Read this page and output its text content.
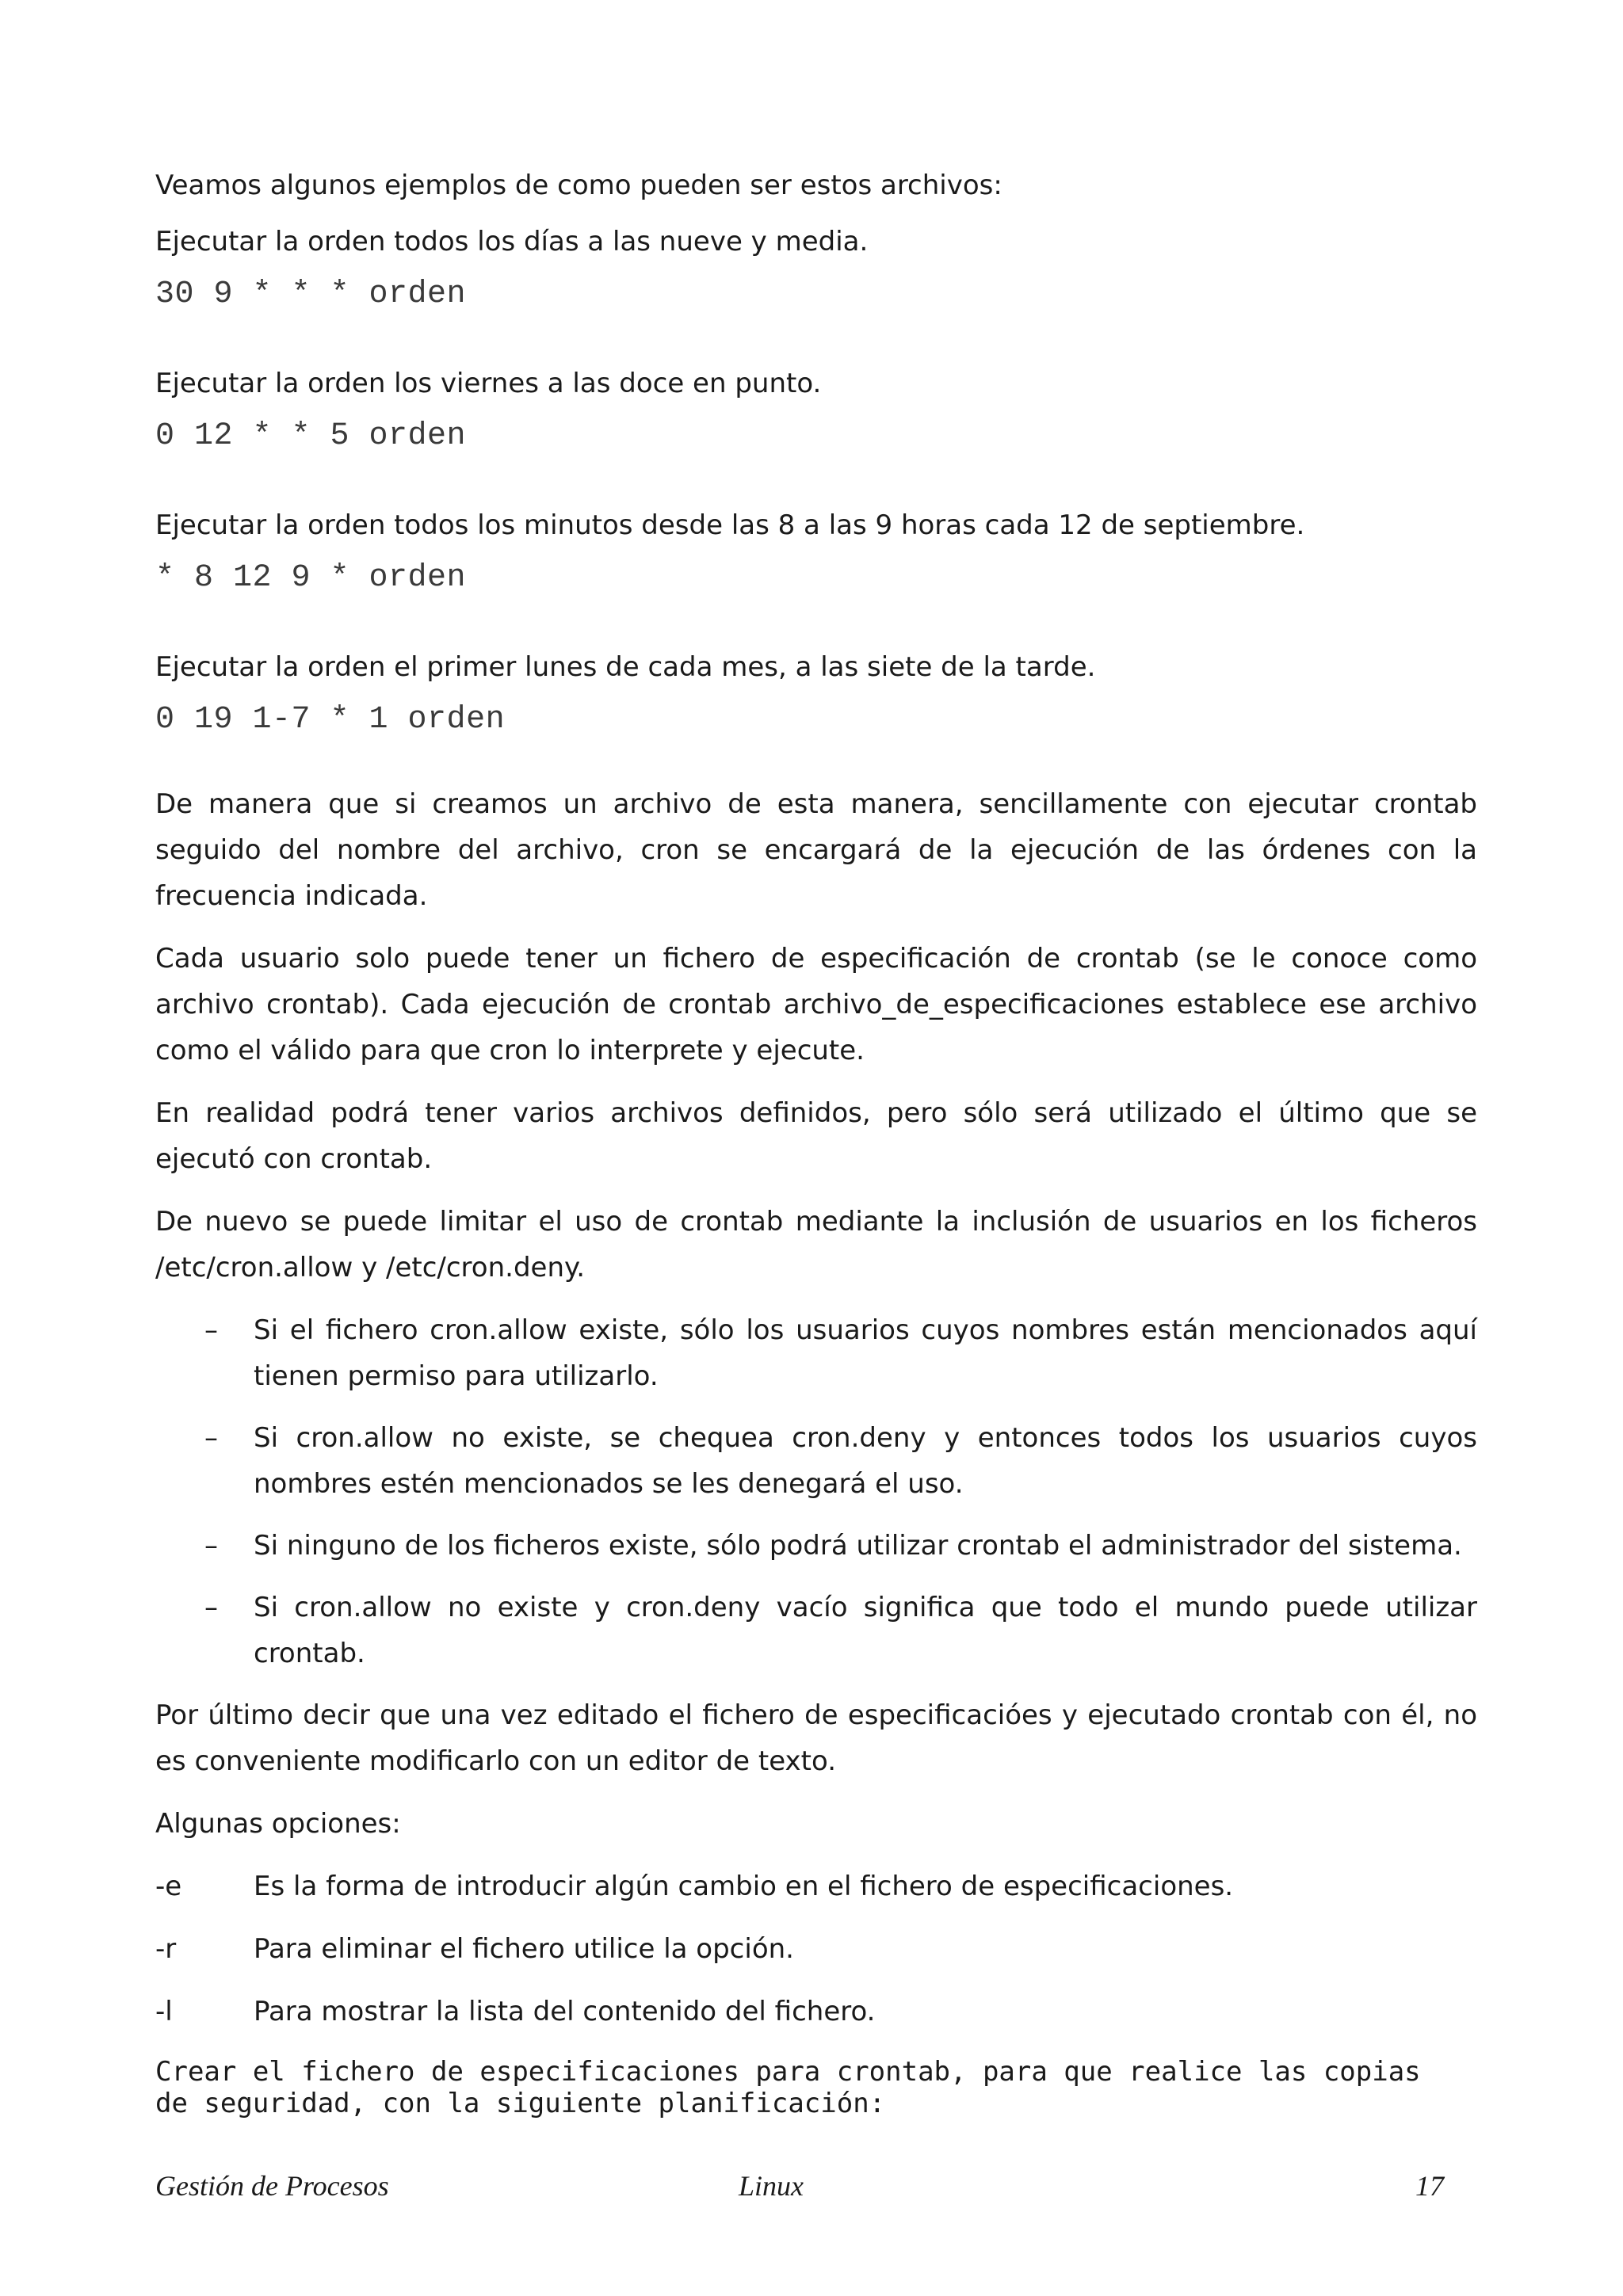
Veamos algunos ejemplos de como pueden ser estos archivos:

Ejecutar la orden todos los días a las nueve y media.

30 9 * * * orden

Ejecutar la orden los viernes a las doce en punto.

0 12 * * 5 orden

Ejecutar la orden todos los minutos desde las 8 a las 9 horas cada 12 de septiembre.

* 8 12 9 * orden

Ejecutar la orden el primer lunes de cada mes, a las siete de la tarde.

0 19 1-7 * 1 orden

De manera que si creamos un archivo de esta manera, sencillamente con ejecutar crontab seguido del nombre del archivo, cron se encargará de la ejecución de las órdenes con la frecuencia indicada.

Cada usuario solo puede tener un fichero de especificación de crontab (se le conoce como archivo crontab). Cada ejecución de crontab archivo_de_especificaciones establece ese archivo como el válido para que cron lo interprete y ejecute.

En realidad podrá tener varios archivos definidos, pero sólo será utilizado el último que se ejecutó con crontab.

De nuevo se puede limitar el uso de crontab mediante la inclusión de usuarios en los ficheros /etc/cron.allow y /etc/cron.deny.

– Si el fichero cron.allow existe, sólo los usuarios cuyos nombres están mencionados aquí tienen permiso para utilizarlo.

– Si cron.allow no existe, se chequea cron.deny y entonces todos los usuarios cuyos nombres estén mencionados se les denegará el uso.

– Si ninguno de los ficheros existe, sólo podrá utilizar crontab el administrador del sistema.

– Si cron.allow no existe y cron.deny vacío significa que todo el mundo puede utilizar crontab.

Por último decir que una vez editado el fichero de especificacióes y ejecutado crontab con él, no es conveniente modificarlo con un editor de texto.

Algunas opciones:

-e	Es la forma de introducir algún cambio en el fichero de especificaciones.
-r	Para eliminar el fichero utilice la opción.
-l	Para mostrar la lista del contenido del fichero.

Crear el fichero de especificaciones para crontab, para que realice las copias
de seguridad, con la siguiente planificación:

Gestión de Procesos	Linux	17
